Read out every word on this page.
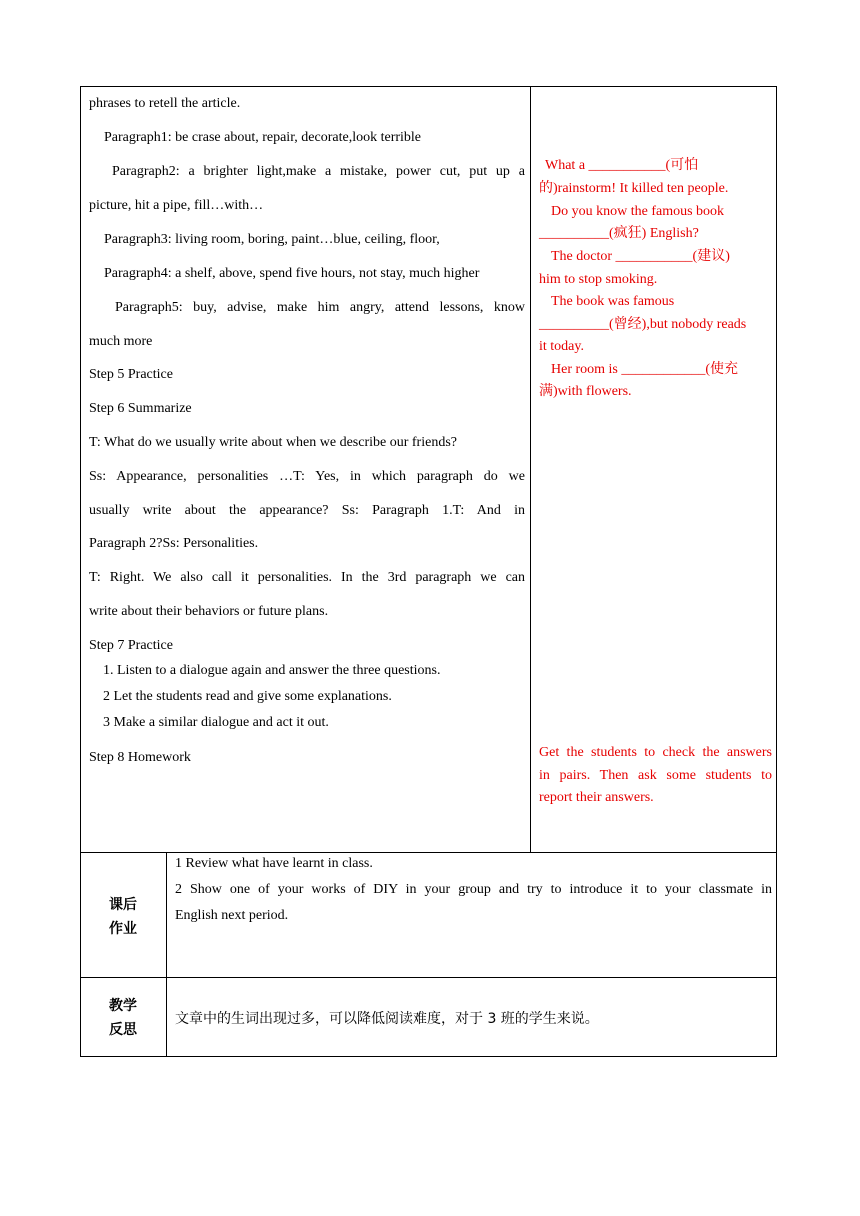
phrases to retell the article.
Paragraph1: be crase about, repair, decorate,look terrible
Paragraph2: a brighter light,make a mistake, power cut, put up a
picture, hit a pipe, fill…with…
Paragraph3: living room, boring, paint…blue, ceiling, floor,
Paragraph4: a shelf, above, spend five hours, not stay, much higher
Paragraph5: buy, advise, make him angry, attend lessons, know
much more
Step 5 Practice
Step 6 Summarize
T: What do we usually write about when we describe our friends?
Ss: Appearance, personalities …T: Yes, in which paragraph do we
usually write about the appearance? Ss: Paragraph 1.T: And in
Paragraph 2?Ss: Personalities.
T: Right. We also call it personalities. In the 3rd paragraph we can
write about their behaviors or future plans.
Step 7 Practice
1. Listen to a dialogue again and answer the three questions.
2 Let the students read and give some explanations.
3 Make a similar dialogue and act it out.
Step 8 Homework
What a ___________(可怕
的)rainstorm! It killed ten people.
Do you know the famous book
__________(疯狂) English?
The doctor ___________(建议)
him to stop smoking.
The book was famous
__________(曾经),but nobody reads
it today.
Her room is ____________(使充
满)with flowers.
Get the students to check the answers
in pairs. Then ask some students to
report their answers.
课后
作业
1 Review what have learnt in class.
2 Show one of your works of DIY in your group and try to introduce it to your classmate in
English next period.
教学
反思
文章中的生词出现过多，可以降低阅读难度，对于 3 班的学生来说。
